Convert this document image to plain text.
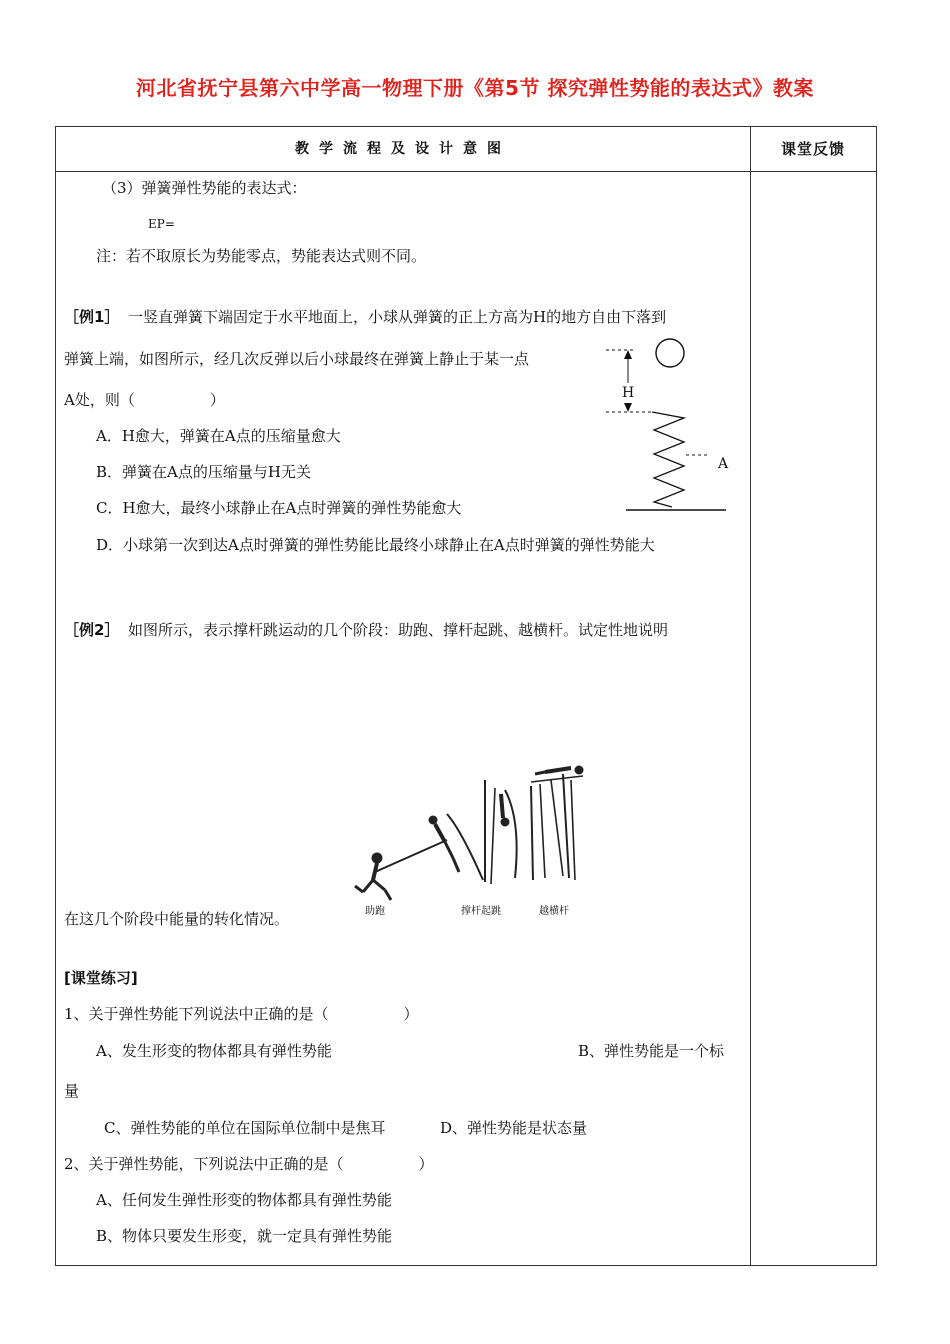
河北省抚宁县第六中学高一物理下册《第5节 探究弹性势能的表达式》教案
教学流程及设计意图	课堂反馈
（3）弹簧弹性势能的表达式：
EP=
注：若不取原长为势能零点，势能表达式则不同。
［例1］ 一竖直弹簧下端固定于水平地面上，小球从弹簧的正上方高为H的地方自由下落到
弹簧上端，如图所示，经几次反弹以后小球最终在弹簧上静止于某一点
A处，则（　　　　　）
A．H愈大，弹簧在A点的压缩量愈大
B．弹簧在A点的压缩量与H无关
C．H愈大，最终小球静止在A点时弹簧的弹性势能愈大
D．小球第一次到达A点时弹簧的弹性势能比最终小球静止在A点时弹簧的弹性势能大
H
A
［例2］ 如图所示，表示撑杆跳运动的几个阶段：助跑、撑杆起跳、越横杆。试定性地说明
助跑	撑杆起跳	越横杆
在这几个阶段中能量的转化情况。
[课堂练习]
1、关于弹性势能下列说法中正确的是（　　　　　）
A、发生形变的物体都具有弹性势能	B、弹性势能是一个标
量
C、弹性势能的单位在国际单位制中是焦耳	D、弹性势能是状态量
2、关于弹性势能，下列说法中正确的是（　　　　　）
A、任何发生弹性形变的物体都具有弹性势能
B、物体只要发生形变，就一定具有弹性势能
